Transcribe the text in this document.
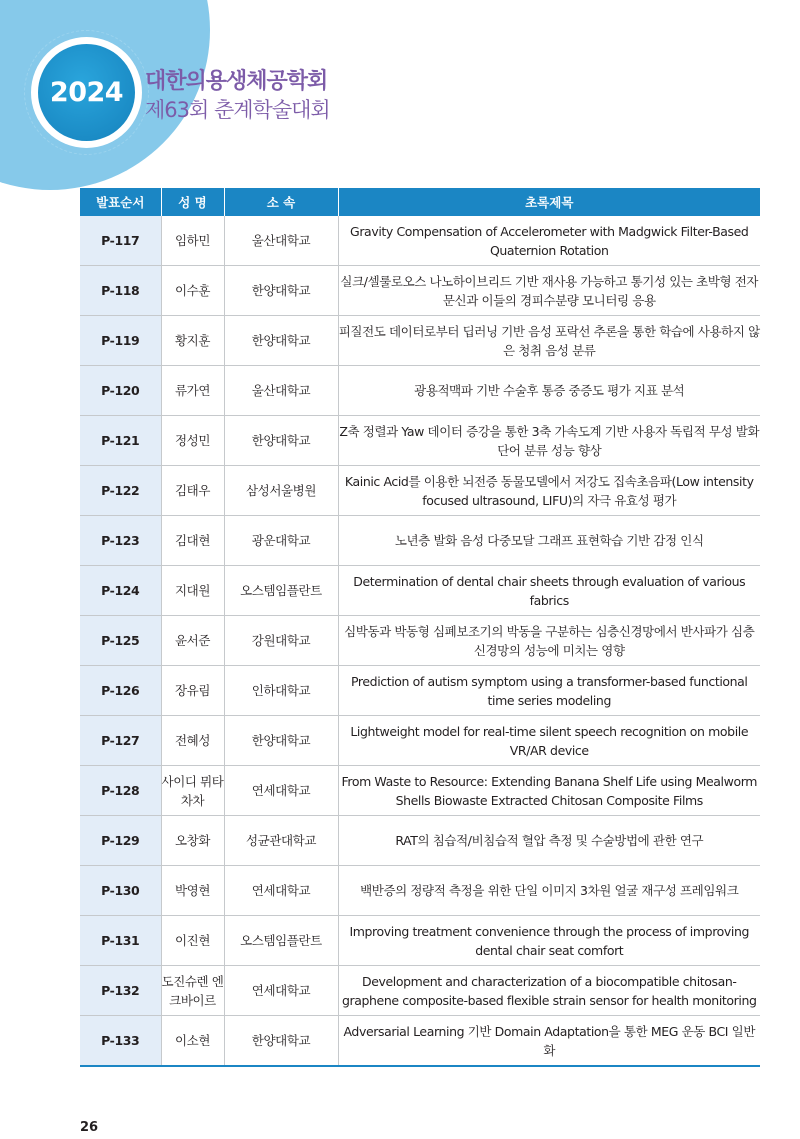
2024 대한의용생체공학회
제63회 춘계학술대회
발표순서	성 명	소 속	초록제목
P-117	임하민	울산대학교	Gravity Compensation of Accelerometer with Madgwick Filter-Based Quaternion Rotation
P-118	이수훈	한양대학교	실크/셀룰로오스 나노하이브리드 기반 재사용 가능하고 통기성 있는 초박형 전자문신과 이들의 경피수분량 모니터링 응용
P-119	황지훈	한양대학교	피질전도 데이터로부터 딥러닝 기반 음성 포락선 추론을 통한 학습에 사용하지 않은 청취 음성 분류
P-120	류가연	울산대학교	광용적맥파 기반 수술후 통증 중증도 평가 지표 분석
P-121	정성민	한양대학교	Z축 정렬과 Yaw 데이터 증강을 통한 3축 가속도계 기반 사용자 독립적 무성 발화 단어 분류 성능 향상
P-122	김태우	삼성서울병원	Kainic Acid를 이용한 뇌전증 동물모델에서 저강도 집속초음파(Low intensity focused ultrasound, LIFU)의 자극 유효성 평가
P-123	김대현	광운대학교	노년층 발화 음성 다중모달 그래프 표현학습 기반 감정 인식
P-124	지대원	오스템임플란트	Determination of dental chair sheets through evaluation of various fabrics
P-125	윤서준	강원대학교	심박동과 박동형 심폐보조기의 박동을 구분하는 심층신경망에서 반사파가 심층신경망의 성능에 미치는 영향
P-126	장유림	인하대학교	Prediction of autism symptom using a transformer-based functional time series modeling
P-127	전혜성	한양대학교	Lightweight model for real-time silent speech recognition on mobile VR/AR device
P-128	사이디 뮈타 차차	연세대학교	From Waste to Resource: Extending Banana Shelf Life using Mealworm Shells Biowaste Extracted Chitosan Composite Films
P-129	오창화	성균관대학교	RAT의 침습적/비침습적 혈압 측정 및 수술방법에 관한 연구
P-130	박영현	연세대학교	백반증의 정량적 측정을 위한 단일 이미지 3차원 얼굴 재구성 프레임워크
P-131	이진현	오스템임플란트	Improving treatment convenience through the process of improving dental chair seat comfort
P-132	도진슈렌 엔크바이르	연세대학교	Development and characterization of a biocompatible chitosan-graphene composite-based flexible strain sensor for health monitoring
P-133	이소현	한양대학교	Adversarial Learning 기반 Domain Adaptation을 통한 MEG 운동 BCI 일반화
26
